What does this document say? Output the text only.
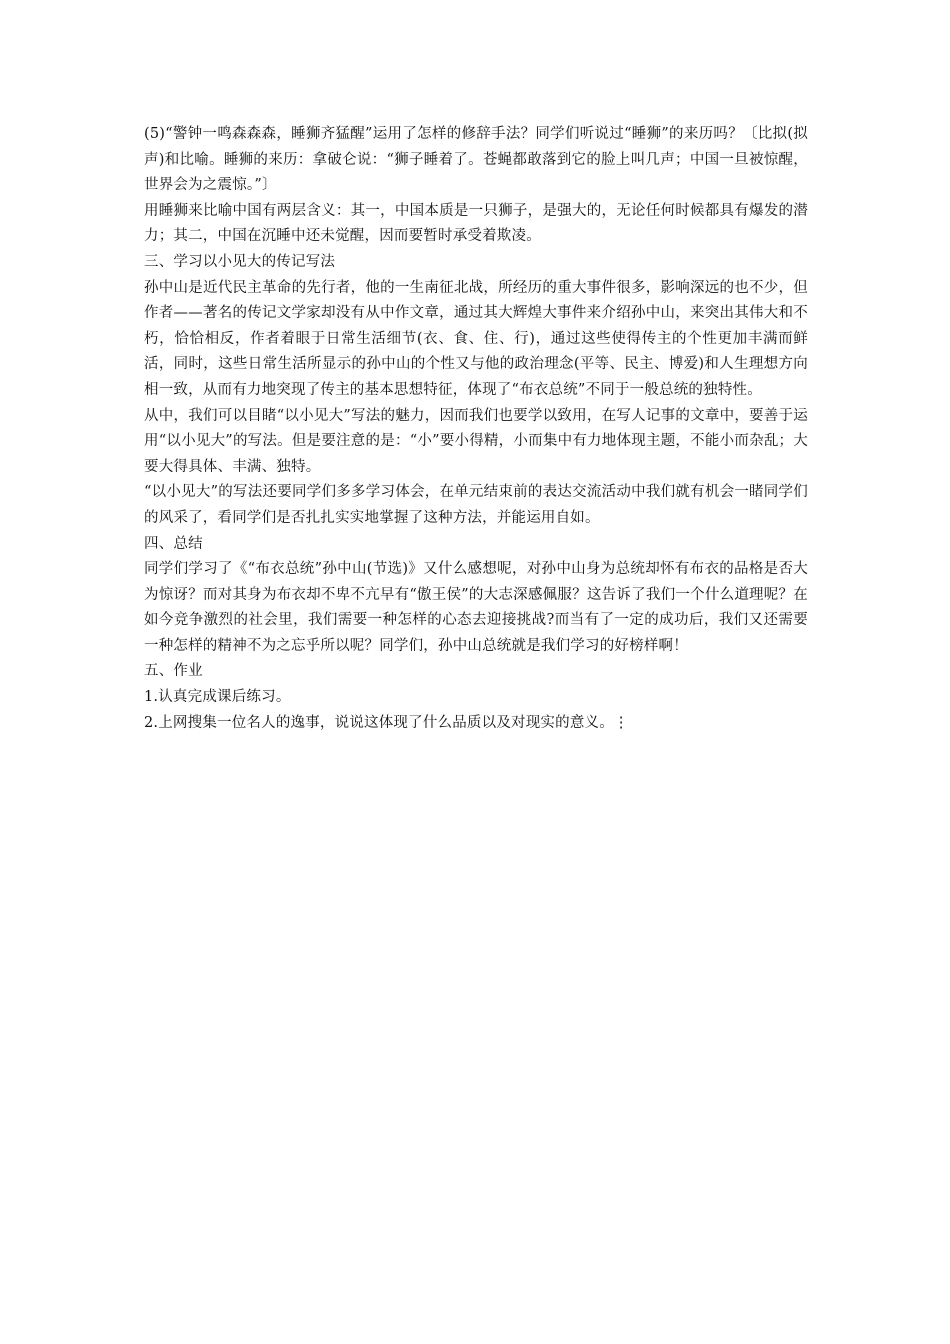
(5)“警钟一鸣森森森，睡狮齐猛醒”运用了怎样的修辞手法？同学们听说过“睡狮”的来历吗？〔比拟(拟声)和比喻。睡狮的来历：拿破仑说：“狮子睡着了。苍蝇都敢落到它的脸上叫几声；中国一旦被惊醒，世界会为之震惊。”〕

用睡狮来比喻中国有两层含义：其一，中国本质是一只狮子，是强大的，无论任何时候都具有爆发的潜力；其二，中国在沉睡中还未觉醒，因而要暂时承受着欺凌。

三、学习以小见大的传记写法

孙中山是近代民主革命的先行者，他的一生南征北战，所经历的重大事件很多，影响深远的也不少，但作者——著名的传记文学家却没有从中作文章，通过其大辉煌大事件来介绍孙中山，来突出其伟大和不朽，恰恰相反，作者着眼于日常生活细节(衣、食、住、行)，通过这些使得传主的个性更加丰满而鲜活，同时，这些日常生活所显示的孙中山的个性又与他的政治理念(平等、民主、博爱)和人生理想方向相一致，从而有力地突现了传主的基本思想特征，体现了“布衣总统”不同于一般总统的独特性。

从中，我们可以目睹“以小见大”写法的魅力，因而我们也要学以致用，在写人记事的文章中，要善于运用“以小见大”的写法。但是要注意的是：“小”要小得精，小而集中有力地体现主题，不能小而杂乱；大要大得具体、丰满、独特。

“以小见大”的写法还要同学们多多学习体会，在单元结束前的表达交流活动中我们就有机会一睹同学们的风采了，看同学们是否扎扎实实地掌握了这种方法，并能运用自如。

四、总结

同学们学习了《“布衣总统”孙中山(节选)》又什么感想呢，对孙中山身为总统却怀有布衣的品格是否大为惊讶？而对其身为布衣却不卑不亢早有“傲王侯”的大志深感佩服？这告诉了我们一个什么道理呢？在如今竞争激烈的社会里，我们需要一种怎样的心态去迎接挑战?而当有了一定的成功后，我们又还需要一种怎样的精神不为之忘乎所以呢？同学们，孙中山总统就是我们学习的好榜样啊！

五、作业

1.认真完成课后练习。

2.上网搜集一位名人的逸事，说说这体现了什么品质以及对现实的意义。⋮
